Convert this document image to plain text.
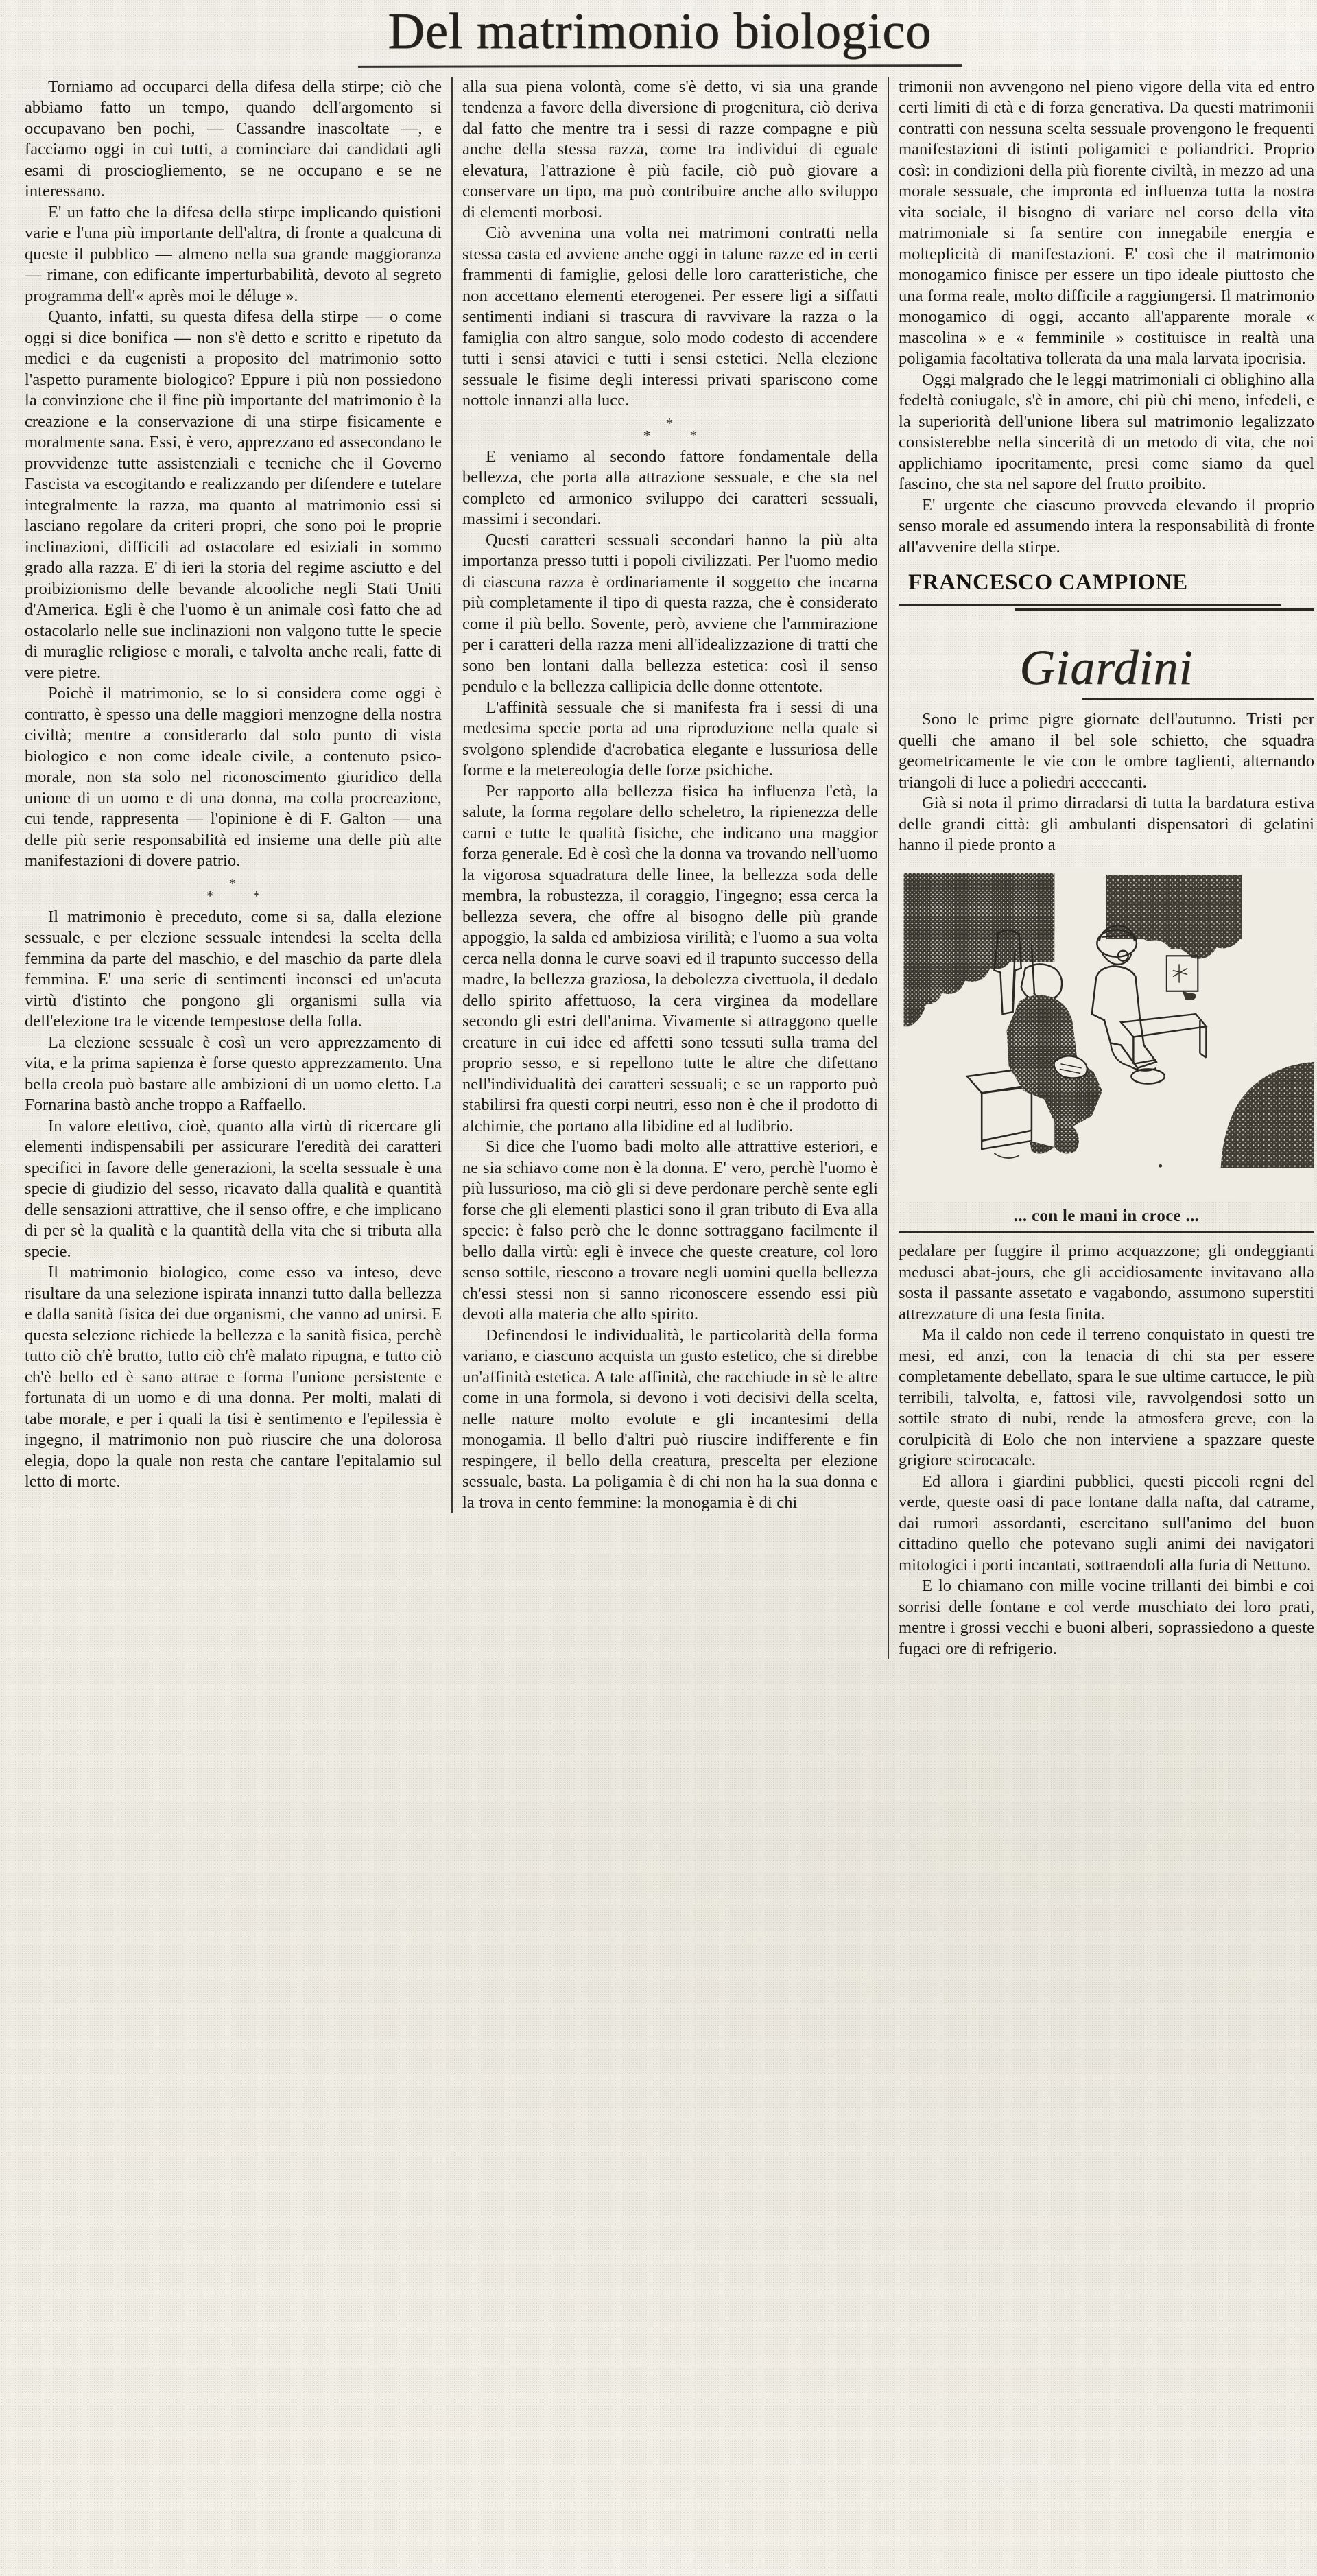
Del matrimonio biologico

Torniamo ad occuparci della difesa della stirpe; ciò che abbiamo fatto un tempo, quando dell'argomento si occupavano ben pochi, — Cassandre inascoltate —, e facciamo oggi in cui tutti, a cominciare dai candidati agli esami di prosciogliemento, se ne occupano e se ne interessano.

E' un fatto che la difesa della stirpe implicando quistioni varie e l'una più importante dell'altra, di fronte a qualcuna di queste il pubblico — almeno nella sua grande maggioranza — rimane, con edificante imperturbabilità, devoto al segreto programma dell'« après moi le déluge ».

Quanto, infatti, su questa difesa della stirpe — o come oggi si dice bonifica — non s'è detto e scritto e ripetuto da medici e da eugenisti a proposito del matrimonio sotto l'aspetto puramente biologico? Eppure i più non possiedono la convinzione che il fine più importante del matrimonio è la creazione e la conservazione di una stirpe fisicamente e moralmente sana. Essi, è vero, apprezzano ed assecondano le provvidenze tutte assistenziali e tecniche che il Governo Fascista va escogitando e realizzando per difendere e tutelare integralmente la razza, ma quanto al matrimonio essi si lasciano regolare da criteri propri, che sono poi le proprie inclinazioni, difficili ad ostacolare ed esiziali in sommo grado alla razza. E' di ieri la storia del regime asciutto e del proibizionismo delle bevande alcooliche negli Stati Uniti d'America. Egli è che l'uomo è un animale così fatto che ad ostacolarlo nelle sue inclinazioni non valgono tutte le specie di muraglie religiose e morali, e talvolta anche reali, fatte di vere pietre.

Poichè il matrimonio, se lo si considera come oggi è contratto, è spesso una delle maggiori menzogne della nostra civiltà; mentre a considerarlo dal solo punto di vista biologico e non come ideale civile, a contenuto psico-morale, non sta solo nel riconoscimento giuridico della unione di un uomo e di una donna, ma colla procreazione, cui tende, rappresenta — l'opinione è di F. Galton — una delle più serie responsabilità ed insieme una delle più alte manifestazioni di dovere patrio.

*
* *

Il matrimonio è preceduto, come si sa, dalla elezione sessuale, e per elezione sessuale intendesi la scelta della femmina da parte del maschio, e del maschio da parte dlela femmina. E' una serie di sentimenti inconsci ed un'acuta virtù d'istinto che pongono gli organismi sulla via dell'elezione tra le vicende tempestose della folla.

La elezione sessuale è così un vero apprezzamento di vita, e la prima sapienza è forse questo apprezzamento. Una bella creola può bastare alle ambizioni di un uomo eletto. La Fornarina bastò anche troppo a Raffaello.

In valore elettivo, cioè, quanto alla virtù di ricercare gli elementi indispensabili per assicurare l'eredità dei caratteri specifici in favore delle generazioni, la scelta sessuale è una specie di giudizio del sesso, ricavato dalla qualità e quantità delle sensazioni attrattive, che il senso offre, e che implicano di per sè la qualità e la quantità della vita che si tributa alla specie.

Il matrimonio biologico, come esso va inteso, deve risultare da una selezione ispirata innanzi tutto dalla bellezza e dalla sanità fisica dei due organismi, che vanno ad unirsi. E questa selezione richiede la bellezza e la sanità fisica, perchè tutto ciò ch'è brutto, tutto ciò ch'è malato ripugna, e tutto ciò ch'è bello ed è sano attrae e forma l'unione persistente e fortunata di un uomo e di una donna. Per molti, malati di tabe morale, e per i quali la tisi è sentimento e l'epilessia è ingegno, il matrimonio non può riuscire che una dolorosa elegia, dopo la quale non resta che cantare l'epitalamio sul letto di morte.

alla sua piena volontà, come s'è detto, vi sia una grande tendenza a favore della diversione di progenitura, ciò deriva dal fatto che mentre tra i sessi di razze compagne e più anche della stessa razza, come tra individui di eguale elevatura, l'attrazione è più facile, ciò può giovare a conservare un tipo, ma può contribuire anche allo sviluppo di elementi morbosi.

Ciò avvenina una volta nei matrimoni contratti nella stessa casta ed avviene anche oggi in talune razze ed in certi frammenti di famiglie, gelosi delle loro caratteristiche, che non accettano elementi eterogenei. Per essere ligi a siffatti sentimenti indiani si trascura di ravvivare la razza o la famiglia con altro sangue, solo modo codesto di accendere tutti i sensi atavici e tutti i sensi estetici. Nella elezione sessuale le fisime degli interessi privati spariscono come nottole innanzi alla luce.

*
* *

E veniamo al secondo fattore fondamentale della bellezza, che porta alla attrazione sessuale, e che sta nel completo ed armonico sviluppo dei caratteri sessuali, massimi i secondari.

Questi caratteri sessuali secondari hanno la più alta importanza presso tutti i popoli civilizzati. Per l'uomo medio di ciascuna razza è ordinariamente il soggetto che incarna più completamente il tipo di questa razza, che è considerato come il più bello. Sovente, però, avviene che l'ammirazione per i caratteri della razza meni all'idealizzazione di tratti che sono ben lontani dalla bellezza estetica: così il senso pendulo e la bellezza callipicia delle donne ottentote.

L'affinità sessuale che si manifesta fra i sessi di una medesima specie porta ad una riproduzione nella quale si svolgono splendide d'acrobatica elegante e lussuriosa delle forme e la metereologia delle forze psichiche.

Per rapporto alla bellezza fisica ha influenza l'età, la salute, la forma regolare dello scheletro, la ripienezza delle carni e tutte le qualità fisiche, che indicano una maggior forza generale. Ed è così che la donna va trovando nell'uomo la vigorosa squadratura delle linee, la bellezza soda delle membra, la robustezza, il coraggio, l'ingegno; essa cerca la bellezza severa, che offre al bisogno delle più grande appoggio, la salda ed ambiziosa virilità; e l'uomo a sua volta cerca nella donna le curve soavi ed il trapunto successo della madre, la bellezza graziosa, la debolezza civettuola, il dedalo dello spirito affettuoso, la cera virginea da modellare secondo gli estri dell'anima. Vivamente si attraggono quelle creature in cui idee ed affetti sono tessuti sulla trama del proprio sesso, e si repellono tutte le altre che difettano nell'individualità dei caratteri sessuali; e se un rapporto può stabilirsi fra questi corpi neutri, esso non è che il prodotto di alchimie, che portano alla libidine ed al ludibrio.

Si dice che l'uomo badi molto alle attrattive esteriori, e ne sia schiavo come non è la donna. E' vero, perchè l'uomo è più lussurioso, ma ciò gli si deve perdonare perchè sente egli forse che gli elementi plastici sono il gran tributo di Eva alla specie: è falso però che le donne sottraggano facilmente il bello dalla virtù: egli è invece che queste creature, col loro senso sottile, riescono a trovare negli uomini quella bellezza ch'essi stessi non si sanno riconoscere essendo essi più devoti alla materia che allo spirito.

Definendosi le individualità, le particolarità della forma variano, e ciascuno acquista un gusto estetico, che si direbbe un'affinità estetica. A tale affinità, che racchiude in sè le altre come in una formola, si devono i voti decisivi della scelta, nelle nature molto evolute e gli incantesimi della monogamia. Il bello d'altri può riuscire indifferente e fin respingere, il bello della creatura, prescelta per elezione sessuale, basta. La poligamia è di chi non ha la sua donna e la trova in cento femmine: la monogamia è di chi

trimonii non avvengono nel pieno vigore della vita ed entro certi limiti di età e di forza generativa. Da questi matrimonii contratti con nessuna scelta sessuale provengono le frequenti manifestazioni di istinti poligamici e poliandrici. Proprio così: in condizioni della più fiorente civiltà, in mezzo ad una morale sessuale, che impronta ed influenza tutta la nostra vita sociale, il bisogno di variare nel corso della vita matrimoniale si fa sentire con innegabile energia e molteplicità di manifestazioni. E' così che il matrimonio monogamico finisce per essere un tipo ideale piuttosto che una forma reale, molto difficile a raggiungersi. Il matrimonio monogamico di oggi, accanto all'apparente morale « mascolina » e « femminile » costituisce in realtà una poligamia facoltativa tollerata da una mala larvata ipocrisia.

Oggi malgrado che le leggi matrimoniali ci oblighino alla fedeltà coniugale, s'è in amore, chi più chi meno, infedeli, e la superiorità dell'unione libera sul matrimonio legalizzato consisterebbe nella sincerità di un metodo di vita, che noi applichiamo ipocritamente, presi come siamo da quel fascino, che sta nel sapore del frutto proibito.

E' urgente che ciascuno provveda elevando il proprio senso morale ed assumendo intera la responsabilità di fronte all'avvenire della stirpe.

FRANCESCO CAMPIONE
Giardini

Sono le prime pigre giornate dell'autunno. Tristi per quelli che amano il bel sole schietto, che squadra geometricamente le vie con le ombre taglienti, alternando triangoli di luce a poliedri accecanti.

Già si nota il primo dirradarsi di tutta la bardatura estiva delle grandi città: gli ambulanti dispensatori di gelatini hanno il piede pronto a

... con le mani in croce ...

pedalare per fuggire il primo acquazzone; gli ondeggianti medusci abat-jours, che gli accidiosamente invitavano alla sosta il passante assetato e vagabondo, assumono superstiti attrezzature di una festa finita.

Ma il caldo non cede il terreno conquistato in questi tre mesi, ed anzi, con la tenacia di chi sta per essere completamente debellato, spara le sue ultime cartucce, le più terribili, talvolta, e, fattosi vile, ravvolgendosi sotto un sottile strato di nubi, rende la atmosfera greve, con la corulpicità di Eolo che non interviene a spazzare queste grigiore scirocacale.

Ed allora i giardini pubblici, questi piccoli regni del verde, queste oasi di pace lontane dalla nafta, dal catrame, dai rumori assordanti, esercitano sull'animo del buon cittadino quello che potevano sugli animi dei navigatori mitologici i porti incantati, sottraendoli alla furia di Nettuno.

E lo chiamano con mille vocine trillanti dei bimbi e coi sorrisi delle fontane e col verde muschiato dei loro prati, mentre i grossi vecchi e buoni alberi, soprassiedono a queste fugaci ore di refrigerio.
